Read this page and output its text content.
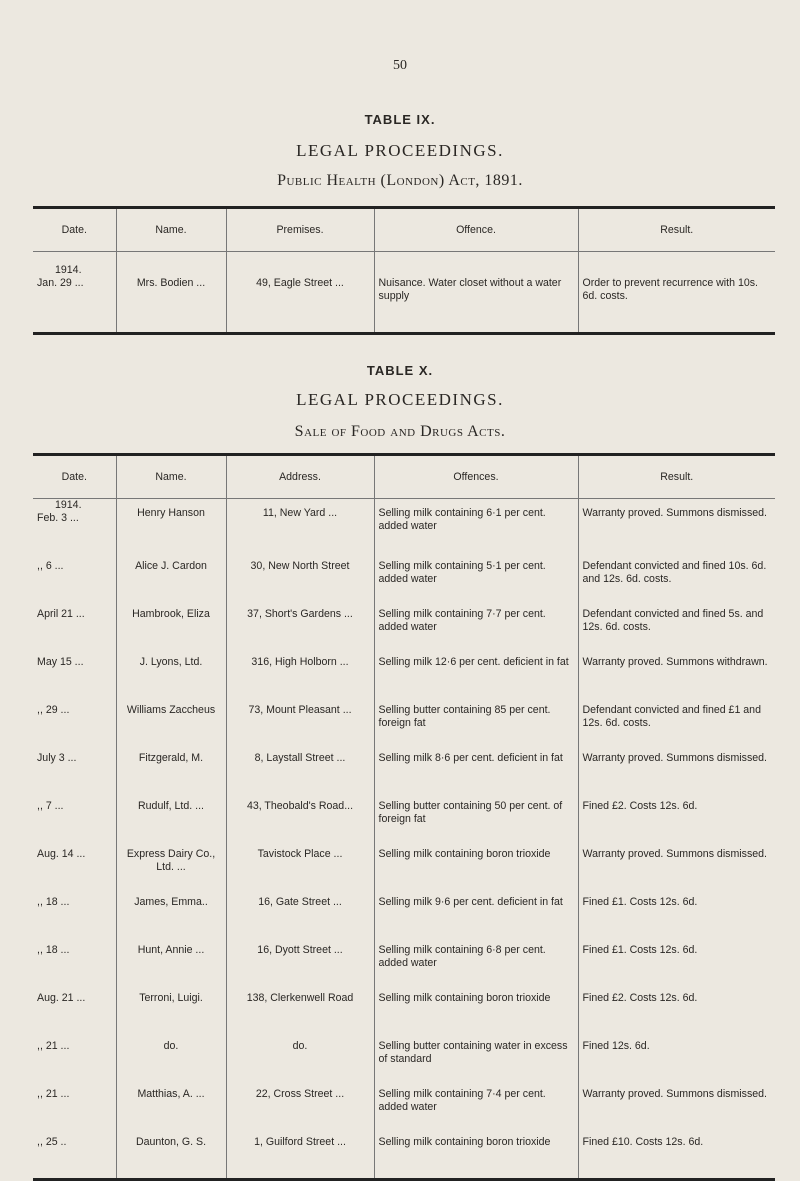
50
TABLE IX.
LEGAL PROCEEDINGS.
Public Health (London) Act, 1891.
Date.	Name.	Premises.	Offence.	Result.

1914.
Jan. 29 ...	Mrs. Bodien ...	49, Eagle Street ...	Nuisance. Water closet without a water supply	Order to prevent recurrence with 10s. 6d. costs.
TABLE X.
LEGAL PROCEEDINGS.
Sale of Food and Drugs Acts.
Date.	Name.	Address.	Offences.	Result.

1914.
Feb. 3 ...	Henry Hanson	11, New Yard ...	Selling milk containing 6·1 per cent. added water	Warranty proved. Summons dismissed.
,, 6 ...	Alice J. Cardon	30, New North Street	Selling milk containing 5·1 per cent. added water	Defendant convicted and fined 10s. 6d. and 12s. 6d. costs.
April 21 ...	Hambrook, Eliza	37, Short's Gardens ...	Selling milk containing 7·7 per cent. added water	Defendant convicted and fined 5s. and 12s. 6d. costs.
May 15 ...	J. Lyons, Ltd.	316, High Holborn ...	Selling milk 12·6 per cent. deficient in fat	Warranty proved. Summons withdrawn.
,, 29 ...	Williams Zaccheus	73, Mount Pleasant ...	Selling butter containing 85 per cent. foreign fat	Defendant convicted and fined £1 and 12s. 6d. costs.
July 3 ...	Fitzgerald, M.	8, Laystall Street ...	Selling milk 8·6 per cent. deficient in fat	Warranty proved. Summons dismissed.
,, 7 ...	Rudulf, Ltd. ...	43, Theobald's Road...	Selling butter containing 50 per cent. of foreign fat	Fined £2. Costs 12s. 6d.
Aug. 14 ...	Express Dairy Co., Ltd. ...	Tavistock Place ...	Selling milk containing boron trioxide	Warranty proved. Summons dismissed.
,, 18 ...	James, Emma..	16, Gate Street ...	Selling milk 9·6 per cent. deficient in fat	Fined £1. Costs 12s. 6d.
,, 18 ...	Hunt, Annie ...	16, Dyott Street ...	Selling milk containing 6·8 per cent. added water	Fined £1. Costs 12s. 6d.
Aug. 21 ...	Terroni, Luigi.	138, Clerkenwell Road	Selling milk containing boron trioxide	Fined £2. Costs 12s. 6d.
,, 21 ...	do.	do.	Selling butter containing water in excess of standard	Fined 12s. 6d.
,, 21 ...	Matthias, A. ...	22, Cross Street ...	Selling milk containing 7·4 per cent. added water	Warranty proved. Summons dismissed.
,, 25 ..	Daunton, G. S.	1, Guilford Street ...	Selling milk containing boron trioxide	Fined £10. Costs 12s. 6d.
